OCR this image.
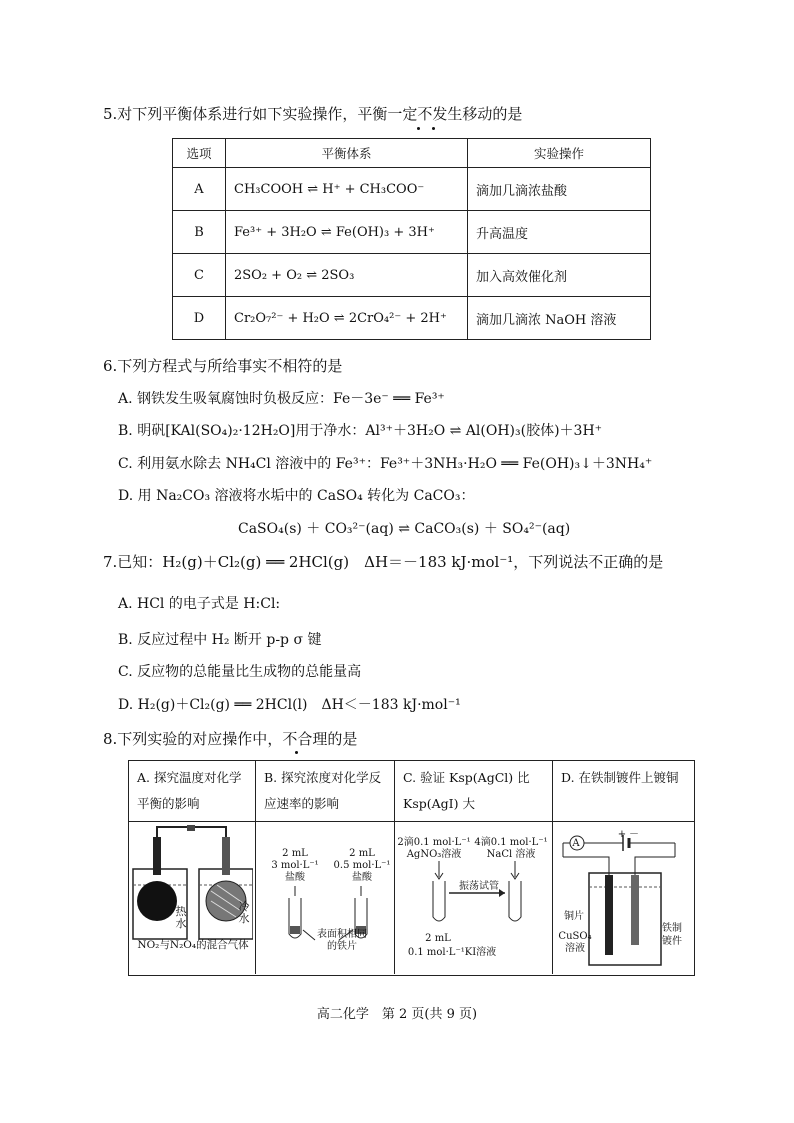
5.对下列平衡体系进行如下实验操作，平衡一定不发生移动的是
选项	平衡体系	实验操作
A	CH₃COOH ⇌ H⁺ + CH₃COO⁻	滴加几滴浓盐酸
B	Fe³⁺ + 3H₂O ⇌ Fe(OH)₃ + 3H⁺	升高温度
C	2SO₂ + O₂ ⇌ 2SO₃	加入高效催化剂
D	Cr₂O₇²⁻ + H₂O ⇌ 2CrO₄²⁻ + 2H⁺	滴加几滴浓 NaOH 溶液
6.下列方程式与所给事实不相符的是
A. 钢铁发生吸氧腐蚀时负极反应：Fe－3e⁻ ══ Fe³⁺
B. 明矾[KAl(SO₄)₂·12H₂O]用于净水：Al³⁺＋3H₂O ⇌ Al(OH)₃(胶体)＋3H⁺
C. 利用氨水除去 NH₄Cl 溶液中的 Fe³⁺：Fe³⁺＋3NH₃·H₂O ══ Fe(OH)₃↓＋3NH₄⁺
D. 用 Na₂CO₃ 溶液将水垢中的 CaSO₄ 转化为 CaCO₃：
CaSO₄(s) ＋ CO₃²⁻(aq) ⇌ CaCO₃(s) ＋ SO₄²⁻(aq)
7.已知：H₂(g)＋Cl₂(g) ══ 2HCl(g)　ΔH＝－183 kJ·mol⁻¹，下列说法不正确的是
A. HCl 的电子式是 H:Cl:
B. 反应过程中 H₂ 断开 p-p σ 键
C. 反应物的总能量比生成物的总能量高
D. H₂(g)＋Cl₂(g) ══ 2HCl(l)　ΔH＜－183 kJ·mol⁻¹
8.下列实验的对应操作中，不合理的是
A. 探究温度对化学平衡的影响
B. 探究浓度对化学反应速率的影响
C. 验证 Ksp(AgCl) 比 Ksp(AgI) 大
D. 在铁制镀件上镀铜
热水
冷水
NO₂与N₂O₄的混合气体
2 mL
3 mol·L⁻¹
盐酸
2 mL
0.5 mol·L⁻¹
盐酸
表面积相同的铁片
2滴0.1 mol·L⁻¹
AgNO₃溶液
4滴0.1 mol·L⁻¹
NaCl 溶液
振荡试管
2 mL
0.1 mol·L⁻¹KI溶液
+ －
A
铜片
CuSO₄
溶液
铁制
镀件
高二化学　第 2 页(共 9 页)
